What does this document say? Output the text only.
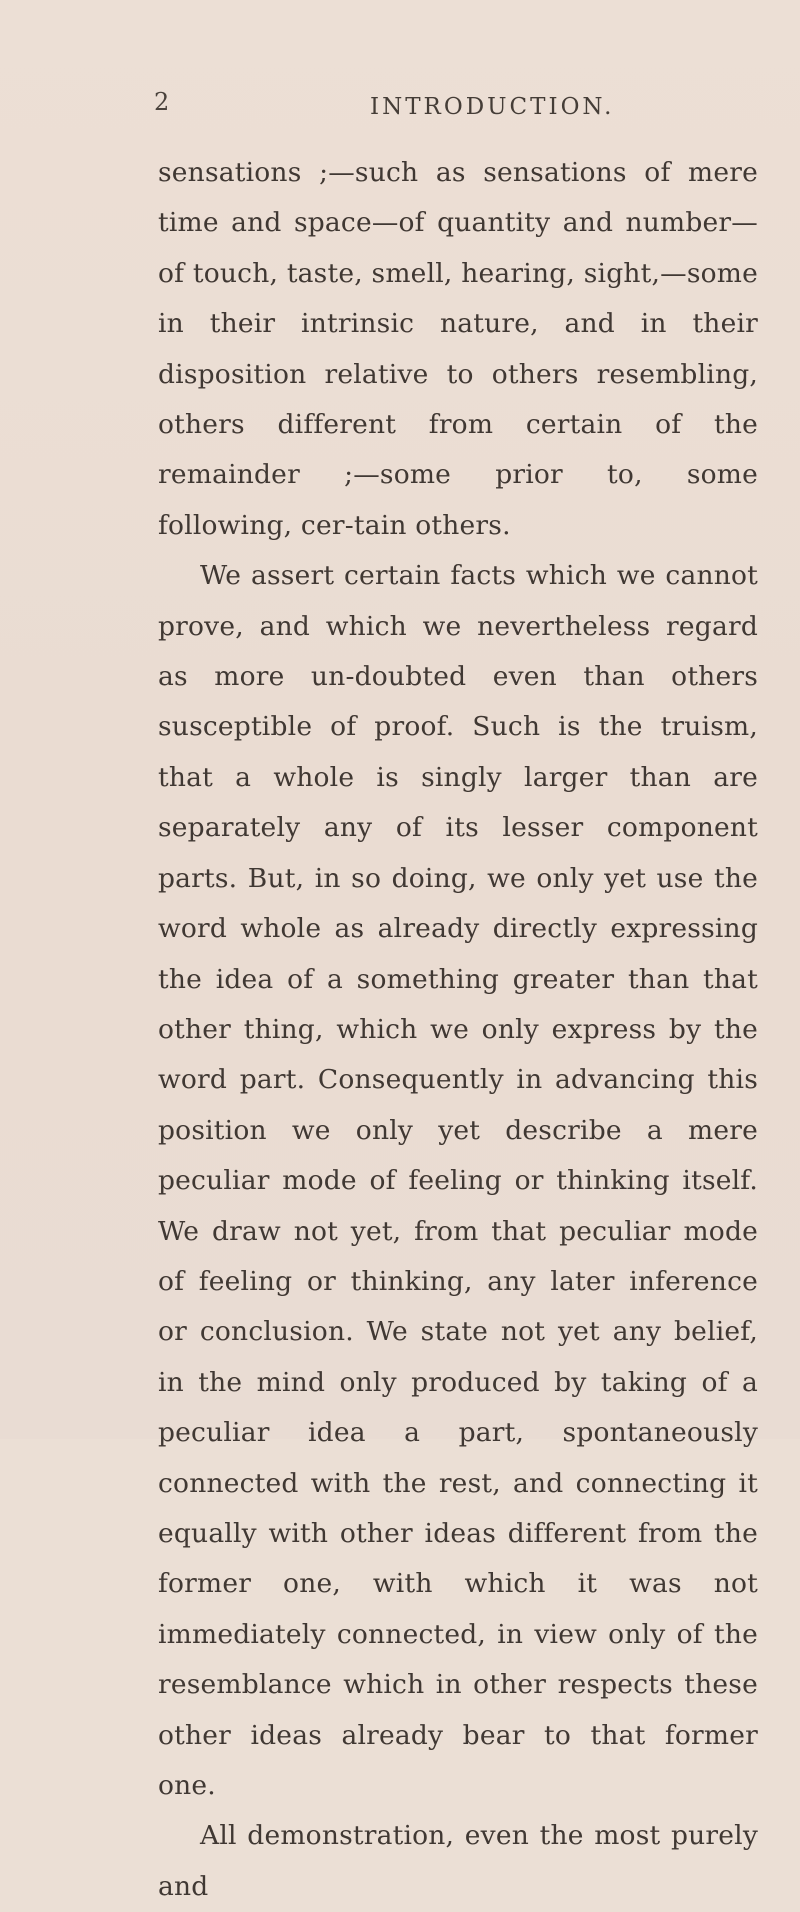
2	INTRODUCTION.

sensations ;—such as sensations of mere time and space—of quantity and number—of touch, taste, smell, hearing, sight,—some in their intrinsic nature, and in their disposition relative to others resembling, others different from certain of the remainder ;—some prior to, some following, cer-tain others.

We assert certain facts which we cannot prove, and which we nevertheless regard as more un-doubted even than others susceptible of proof. Such is the truism, that a whole is singly larger than are separately any of its lesser component parts. But, in so doing, we only yet use the word whole as already directly expressing the idea of a something greater than that other thing, which we only express by the word part. Consequently in advancing this position we only yet describe a mere peculiar mode of feeling or thinking itself. We draw not yet, from that peculiar mode of feeling or thinking, any later inference or conclusion. We state not yet any belief, in the mind only produced by taking of a peculiar idea a part, spontaneously connected with the rest, and connecting it equally with other ideas different from the former one, with which it was not immediately connected, in view only of the resemblance which in other respects these other ideas already bear to that former one.

All demonstration, even the most purely and
